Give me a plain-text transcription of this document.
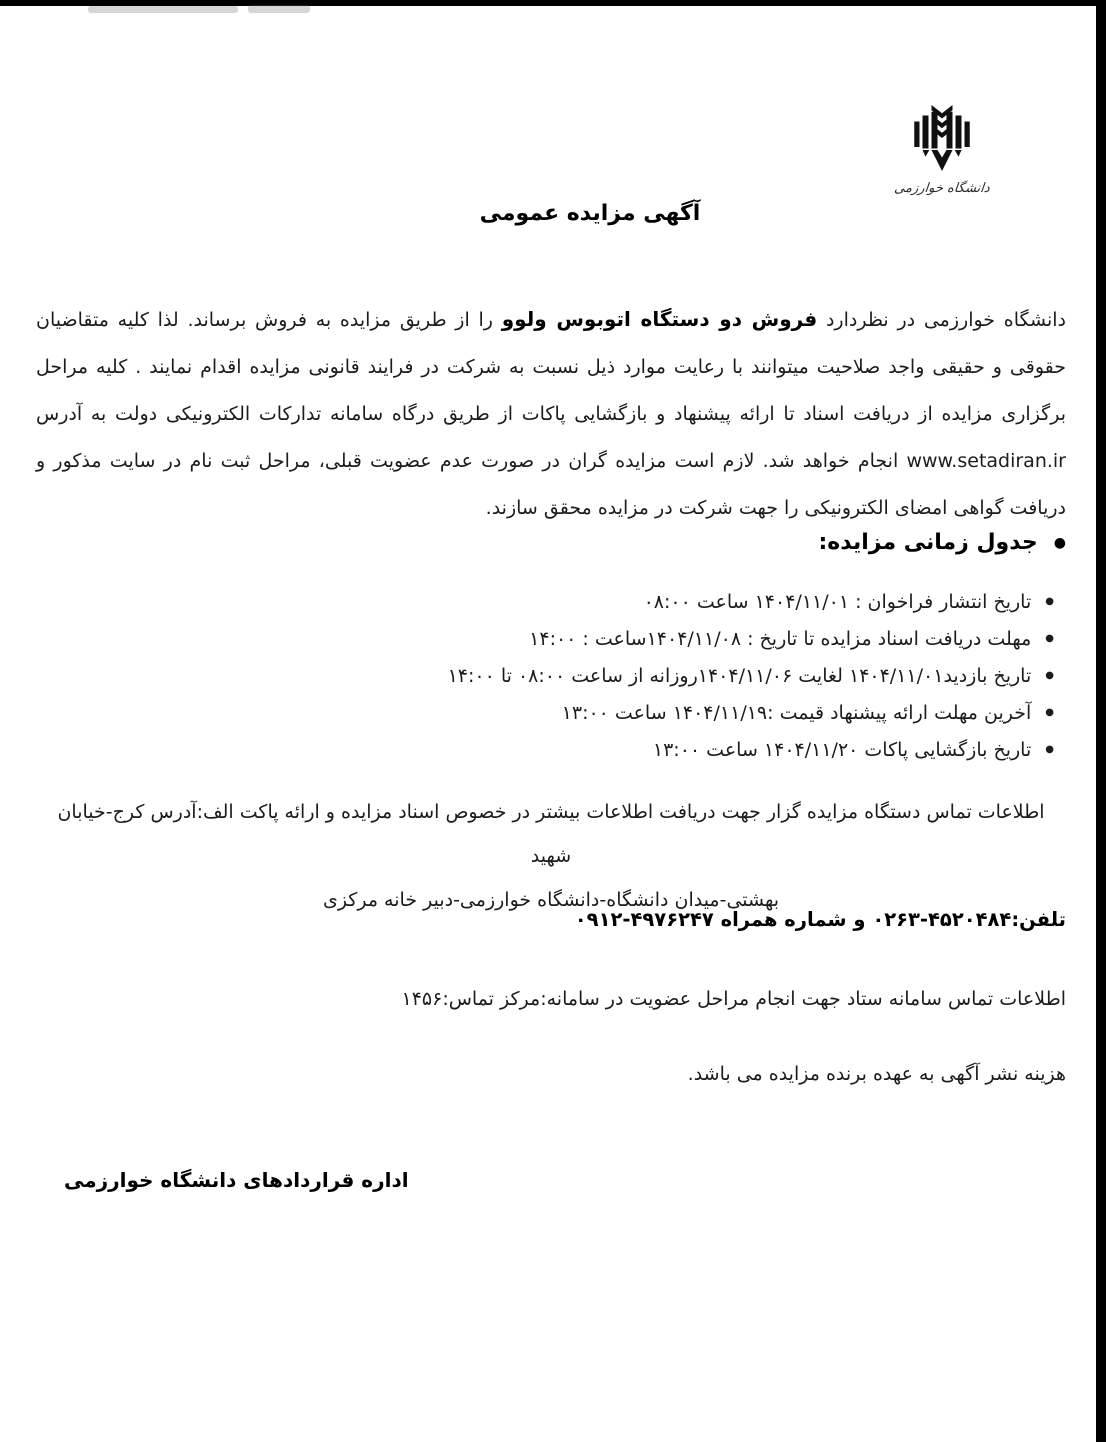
دانشگاه خوارزمی
آگهی مزایده عمومی

دانشگاه خوارزمی در نظردارد فروش دو دستگاه اتوبوس ولوو را از طریق مزایده به فروش برساند. لذا کلیه متقاضیان حقوقی و حقیقی واجد صلاحیت میتوانند با رعایت موارد ذیل نسبت به شرکت در فرایند قانونی مزایده اقدام نمایند . کلیه مراحل برگزاری مزایده از دریافت اسناد تا ارائه پیشنهاد و بازگشایی پاکات از طریق درگاه سامانه تدارکات الکترونیکی دولت به آدرس www.setadiran.ir انجام خواهد شد. لازم است مزایده گران در صورت عدم عضویت قبلی، مراحل ثبت نام در سایت مذکور و دریافت گواهی امضای الکترونیکی را جهت شرکت در مزایده محقق سازند.

●
جدول زمانی مزایده:
●
تاریخ انتشار فراخوان : ۱۴۰۴/۱۱/۰۱ ساعت ۰۸:۰۰
●
مهلت دریافت اسناد مزایده تا تاریخ : ۱۴۰۴/۱۱/۰۸ساعت : ۱۴:۰۰
●
تاریخ بازدید۱۴۰۴/۱۱/۰۱ لغایت ۱۴۰۴/۱۱/۰۶روزانه از ساعت ۰۸:۰۰ تا ۱۴:۰۰
●
آخرین مهلت ارائه پیشنهاد قیمت :۱۴۰۴/۱۱/۱۹ ساعت ۱۳:۰۰
●
تاریخ بازگشایی پاکات ۱۴۰۴/۱۱/۲۰ ساعت ۱۳:۰۰
اطلاعات تماس دستگاه مزایده گزار جهت دریافت اطلاعات بیشتر در خصوص اسناد مزایده و ارائه پاکت الف:آدرس کرج-خیابان شهید
بهشتی-میدان دانشگاه-دانشگاه خوارزمی-دبیر خانه مرکزی
تلفن:۰۲۶۳-۴۵۲۰۴۸۴ و شماره همراه ۰۹۱۲-۴۹۷۶۲۴۷
اطلاعات تماس سامانه ستاد جهت انجام مراحل عضویت در سامانه:مرکز تماس:۱۴۵۶
هزینه نشر آگهی به عهده برنده مزایده می باشد.
اداره قراردادهای دانشگاه خوارزمی
